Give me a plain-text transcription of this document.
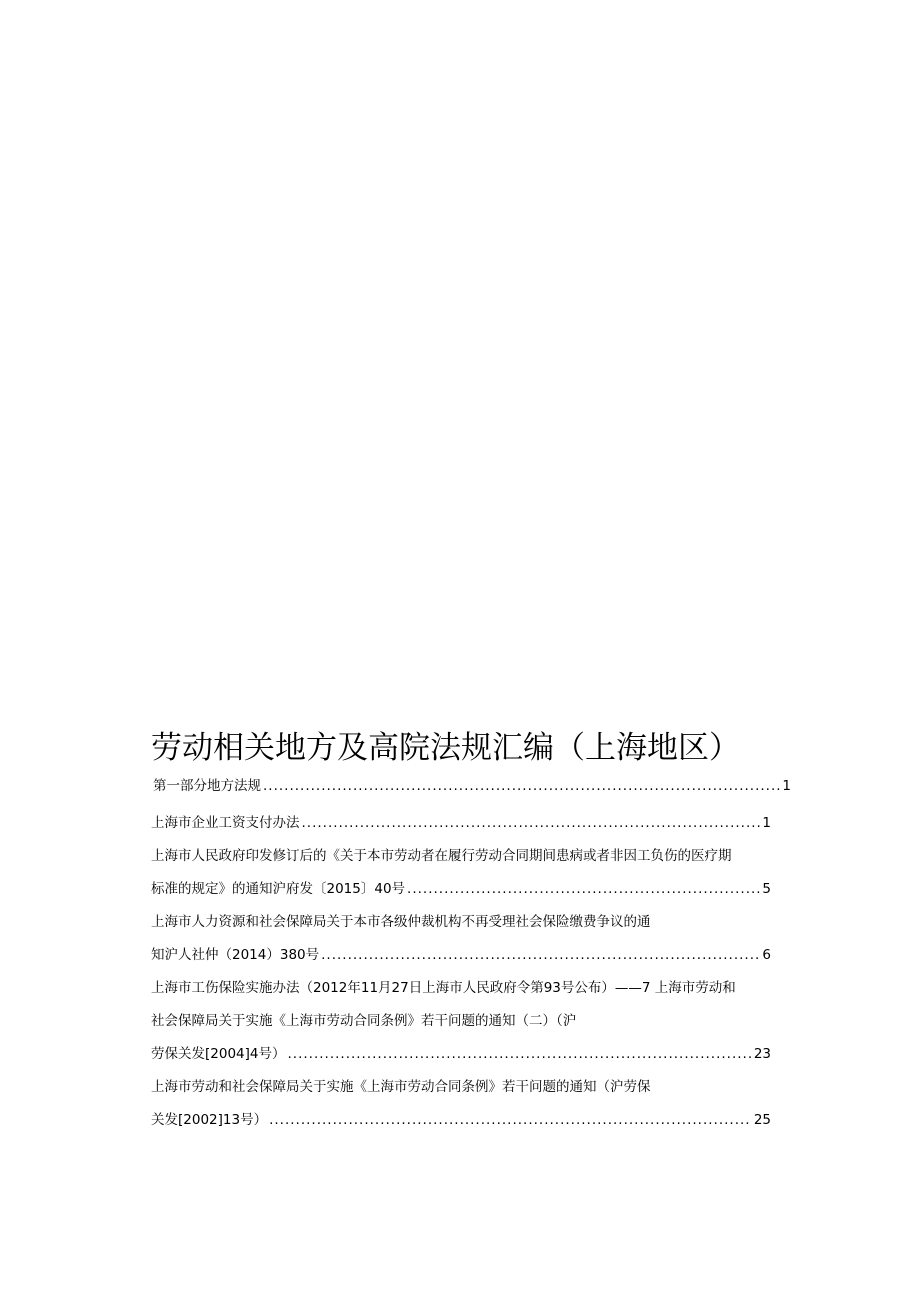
劳动相关地方及高院法规汇编（上海地区）
第一部分地方法规 .....	1
上海市企业工资支付办法 .....	1
上海市人民政府印发修订后的《关于本市劳动者在履行劳动合同期间患病或者非因工负伤的医疗期
标准的规定》的通知沪府发〔2015〕40号 .....	5
上海市人力资源和社会保障局关于本市各级仲裁机构不再受理社会保险缴费争议的通
知沪人社仲（2014）380号 .....	6
上海市工伤保险实施办法（2012年11月27日上海市人民政府令第93号公布）——7 上海市劳动和
社会保障局关于实施《上海市劳动合同条例》若干问题的通知（二）（沪
劳保关发[2004]4号） .....	23
上海市劳动和社会保障局关于实施《上海市劳动合同条例》若干问题的通知（沪劳保
关发[2002]13号） .....	25
